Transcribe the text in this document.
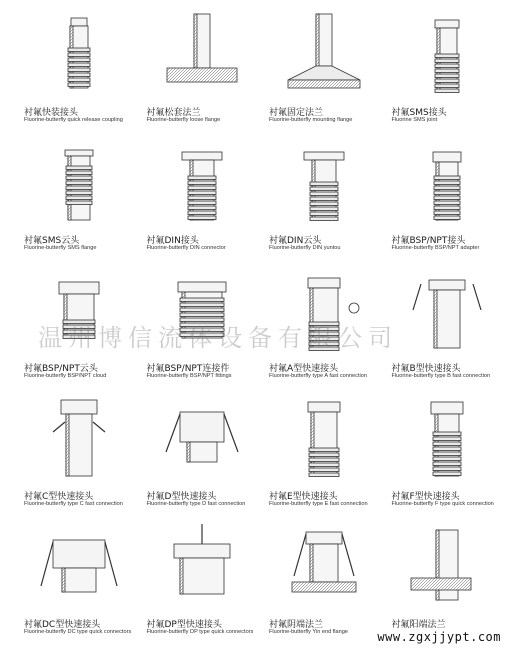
衬氟快装接头
Fluorine-butterfly quick release coupling
衬氟松套法兰
Fluorine-butterfly loose flange
衬氟固定法兰
Fluorine-butterfly mounting flange
衬氟SMS接头
Fluorine SMS joint
衬氟SMS云头
Fluorine-butterfly SMS flange
衬氟DIN接头
Fluorine-butterfly DIN connector
衬氟DIN云头
Fluorine-butterfly DIN yuntou
衬氟BSP/NPT接头
Fluorine-butterfly BSP/NPT adapter
衬氟BSP/NPT云头
Fluorine-butterfly BSP/NPT cloud
衬氟BSP/NPT连接件
Fluorine-butterfly BSP/NPT fittings
衬氟A型快速接头
Fluorine-butterfly type A fast connection
衬氟B型快速接头
Fluorine-butterfly type B fast connection
衬氟C型快速接头
Fluorine-butterfly type C fast connection
衬氟D型快速接头
Fluorine-butterfly type D fast connection
衬氟E型快速接头
Fluorine-butterfly type E fast connection
衬氟F型快速接头
Fluorine-butterfly F type quick connection
衬氟DC型快速接头
Fluorine-butterfly DC type quick connectors
衬氟DP型快速接头
Fluorine-butterfly DP type quick connectors
衬氟阴端法兰
Fluorine-butterfly Yin end flange
衬氟阳端法兰
温州博信流体设备有限公司
www.zgxjjypt.com
